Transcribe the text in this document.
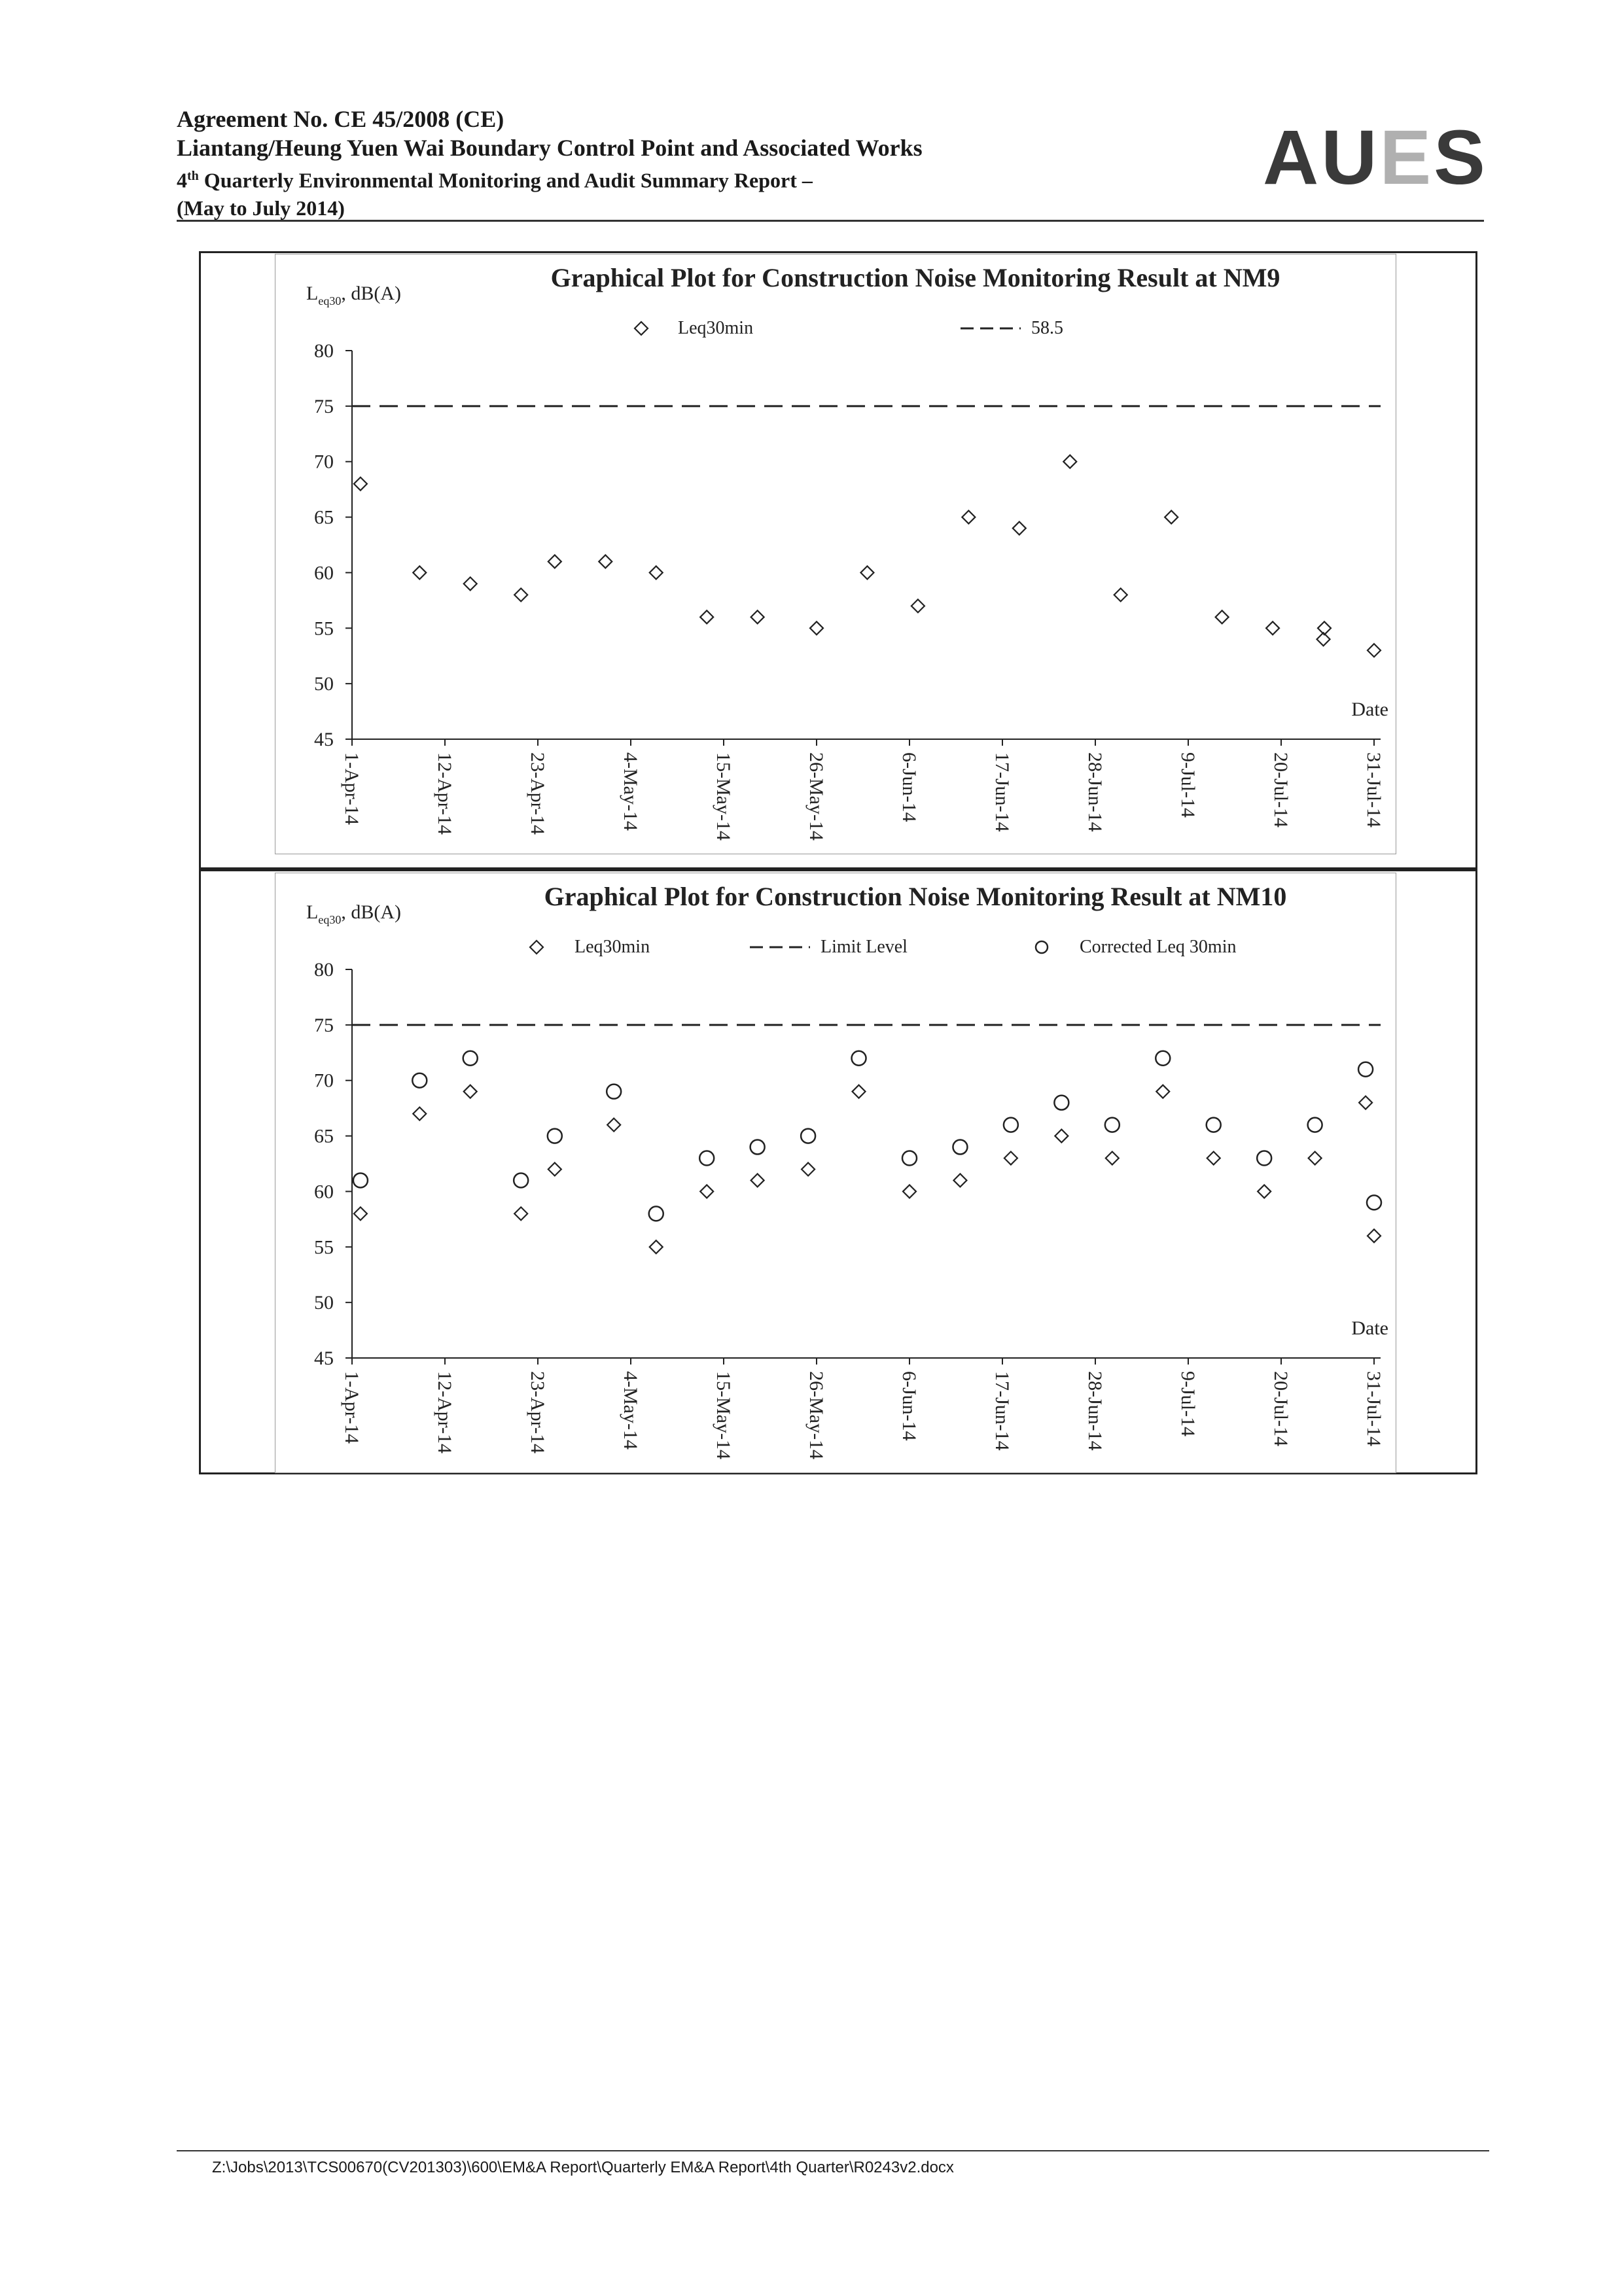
Agreement No. CE 45/2008 (CE)
Liantang/Heung Yuen Wai Boundary Control Point and Associated Works
4th Quarterly Environmental Monitoring and Audit Summary Report –
(May to July 2014)
AUES
Graphical Plot for Construction Noise Monitoring Result at NM9
$L_{eq30}$, dB(A)
45
50
55
60
65
70
75
80
1-Apr-14	12-Apr-14	23-Apr-14	4-May-14	15-May-14	26-May-14	6-Jun-14	17-Jun-14	28-Jun-14	9-Jul-14	20-Jul-14	31-Jul-14
Date
Leq30min	58.5
Graphical Plot for Construction Noise Monitoring Result at NM10
$L_{eq30}$, dB(A)
45
50
55
60
65
70
75
80
1-Apr-14	12-Apr-14	23-Apr-14	4-May-14	15-May-14	26-May-14	6-Jun-14	17-Jun-14	28-Jun-14	9-Jul-14	20-Jul-14	31-Jul-14
Date
Leq30min	Limit Level	Corrected Leq 30min
Z:\Jobs\2013\TCS00670(CV201303)\600\EM&A Report\Quarterly EM&A Report\4th Quarter\R0243v2.docx
